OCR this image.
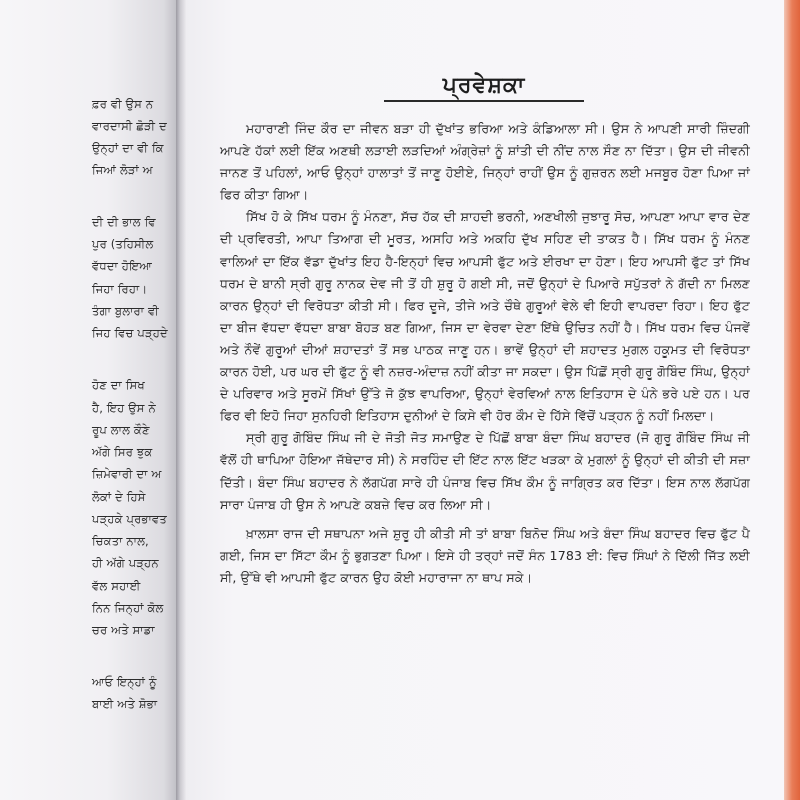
ਫ਼ਰ ਵੀ ਉਸ ਨ
ਵਾਰਦਾਸੀ ਛੋੜੀ ਦ
ਉਨ੍ਹਾਂ ਦਾ ਵੀ ਕਿ
ਜਿਆਂ ਲੋੜਾਂ ਅ
ਦੀ ਦੀ ਭਾਲ ਵਿ
ਪੁਰ (ਤਹਿਸੀਲ
ਵੱਧਦਾ ਹੋਇਆ
ਜਿਹਾ ਰਿਹਾ।
ਤੰਗਾ ਬੁਲਾਰਾ ਵੀ
ਜਿਹ ਵਿਚ ਪੜ੍ਹਦੇ
ਹੋਣ ਦਾ ਸਿਖ
ਹੈ, ਇਹ ਉਸ ਨੇ
ਰੂਪ ਲਾਲ ਕੌਣੇ
ਅੱਗੇ ਸਿਰ ਝੁਕ
ਜ਼ਿਮੇਵਾਰੀ ਦਾ ਅ
ਲੋਕਾਂ ਦੇ ਹਿਸੇ
ਪੜ੍ਹਕੇ ਪ੍ਰਭਾਵਤ
ਚਿਕਤਾ ਨਾਲ,
ਹੀ ਅੱਗੇ ਪੜ੍ਹਨ
ਵੱਲ ਸਹਾਈ
ਨਿਨ ਜਿਨ੍ਹਾਂ ਕੋਲ
ਚਰ ਅਤੇ ਸਾਡਾ
ਆਓ ਇਨ੍ਹਾਂ ਨੂੰ
ਬਾਈ ਅਤੇ ਸ਼ੋਭਾ
ਪ੍ਰਵੇਸ਼ਕਾ

ਮਹਾਰਾਣੀ ਜਿੰਦ ਕੌਰ ਦਾ ਜੀਵਨ ਬੜਾ ਹੀ ਦੁੱਖਾਂਤ ਭਰਿਆ ਅਤੇ ਕੰਡਿਆਲਾ ਸੀ। ਉਸ ਨੇ ਆਪਣੀ ਸਾਰੀ ਜ਼ਿੰਦਗੀ ਆਪਣੇ ਹੱਕਾਂ ਲਈ ਇੱਕ ਅਣਥੀ ਲੜਾਈ ਲੜਦਿਆਂ ਅੰਗ੍ਰੇਜ਼ਾਂ ਨੂੰ ਸ਼ਾਂਤੀ ਦੀ ਨੀਂਦ ਨਾਲ ਸੌਣ ਨਾ ਦਿੱਤਾ। ਉਸ ਦੀ ਜੀਵਨੀ ਜਾਨਣ ਤੋਂ ਪਹਿਲਾਂ, ਆਓ ਉਨ੍ਹਾਂ ਹਾਲਾਤਾਂ ਤੋਂ ਜਾਣੂ ਹੋਈਏ, ਜਿਨ੍ਹਾਂ ਰਾਹੀਂ ਉਸ ਨੂੰ ਗੁਜ਼ਰਨ ਲਈ ਮਜਬੂਰ ਹੋਣਾ ਪਿਆ ਜਾਂ ਫਿਰ ਕੀਤਾ ਗਿਆ।

ਸਿੱਖ ਹੋ ਕੇ ਸਿੱਖ ਧਰਮ ਨੂੰ ਮੰਨਣਾ, ਸੱਚ ਹੱਕ ਦੀ ਸ਼ਾਹਦੀ ਭਰਨੀ, ਅਣਖੀਲੀ ਜੁਝਾਰੂ ਸੋਚ, ਆਪਣਾ ਆਪਾ ਵਾਰ ਦੇਣ ਦੀ ਪ੍ਰਵਿਰਤੀ, ਆਪਾ ਤਿਆਗ ਦੀ ਮੂਰਤ, ਅਸਹਿ ਅਤੇ ਅਕਹਿ ਦੁੱਖ ਸਹਿਣ ਦੀ ਤਾਕਤ ਹੈ। ਸਿੱਖ ਧਰਮ ਨੂੰ ਮੰਨਣ ਵਾਲਿਆਂ ਦਾ ਇੱਕ ਵੱਡਾ ਦੁੱਖਾਂਤ ਇਹ ਹੈ-ਇਨ੍ਹਾਂ ਵਿਚ ਆਪਸੀ ਫੁੱਟ ਅਤੇ ਈਰਖਾ ਦਾ ਹੋਣਾ। ਇਹ ਆਪਸੀ ਫੁੱਟ ਤਾਂ ਸਿੱਖ ਧਰਮ ਦੇ ਬਾਨੀ ਸ੍ਰੀ ਗੁਰੂ ਨਾਨਕ ਦੇਵ ਜੀ ਤੋਂ ਹੀ ਸ਼ੁਰੂ ਹੋ ਗਈ ਸੀ, ਜਦੋਂ ਉਨ੍ਹਾਂ ਦੇ ਪਿਆਰੇ ਸਪੁੱਤਰਾਂ ਨੇ ਗੱਦੀ ਨਾ ਮਿਲਣ ਕਾਰਨ ਉਨ੍ਹਾਂ ਦੀ ਵਿਰੋਧਤਾ ਕੀਤੀ ਸੀ। ਫਿਰ ਦੂਜੇ, ਤੀਜੇ ਅਤੇ ਚੌਥੇ ਗੁਰੂਆਂ ਵੇਲੇ ਵੀ ਇਹੀ ਵਾਪਰਦਾ ਰਿਹਾ। ਇਹ ਫੁੱਟ ਦਾ ਬੀਜ ਵੱਧਦਾ ਵੱਧਦਾ ਬਾਬਾ ਬੋਹੜ ਬਣ ਗਿਆ, ਜਿਸ ਦਾ ਵੇਰਵਾ ਦੇਣਾ ਇੱਥੇ ਉਚਿਤ ਨਹੀਂ ਹੈ। ਸਿੱਖ ਧਰਮ ਵਿਚ ਪੰਜਵੇਂ ਅਤੇ ਨੌਵੇਂ ਗੁਰੂਆਂ ਦੀਆਂ ਸ਼ਹਾਦਤਾਂ ਤੋਂ ਸਭ ਪਾਠਕ ਜਾਣੂ ਹਨ। ਭਾਵੇਂ ਉਨ੍ਹਾਂ ਦੀ ਸ਼ਹਾਦਤ ਮੁਗਲ ਹਕੂਮਤ ਦੀ ਵਿਰੋਧਤਾ ਕਾਰਨ ਹੋਈ, ਪਰ ਘਰ ਦੀ ਫੁੱਟ ਨੂੰ ਵੀ ਨਜ਼ਰ-ਅੰਦਾਜ਼ ਨਹੀਂ ਕੀਤਾ ਜਾ ਸਕਦਾ। ਉਸ ਪਿੱਛੋਂ ਸ੍ਰੀ ਗੁਰੂ ਗੋਬਿੰਦ ਸਿੰਘ, ਉਨ੍ਹਾਂ ਦੇ ਪਰਿਵਾਰ ਅਤੇ ਸੂਰਮੇਂ ਸਿੱਖਾਂ ਉੱਤੇ ਜੋ ਕੁੱਝ ਵਾਪਰਿਆ, ਉਨ੍ਹਾਂ ਵੇਰਵਿਆਂ ਨਾਲ ਇਤਿਹਾਸ ਦੇ ਪੰਨੇ ਭਰੇ ਪਏ ਹਨ। ਪਰ ਫਿਰ ਵੀ ਇਹੋ ਜਿਹਾ ਸੁਨਹਿਰੀ ਇਤਿਹਾਸ ਦੁਨੀਆਂ ਦੇ ਕਿਸੇ ਵੀ ਹੋਰ ਕੌਮ ਦੇ ਹਿੱਸੇ ਵਿੱਚੋਂ ਪੜ੍ਹਨ ਨੂੰ ਨਹੀਂ ਮਿਲਦਾ।

ਸ੍ਰੀ ਗੁਰੂ ਗੋਬਿੰਦ ਸਿੰਘ ਜੀ ਦੇ ਜੋਤੀ ਜੋਤ ਸਮਾਉਣ ਦੇ ਪਿੱਛੋਂ ਬਾਬਾ ਬੰਦਾ ਸਿੰਘ ਬਹਾਦਰ (ਜੋ ਗੁਰੂ ਗੋਬਿੰਦ ਸਿੰਘ ਜੀ ਵੱਲੋਂ ਹੀ ਥਾਪਿਆ ਹੋਇਆ ਜੱਥੇਦਾਰ ਸੀ) ਨੇ ਸਰਹਿੰਦ ਦੀ ਇੱਟ ਨਾਲ ਇੱਟ ਖੜਕਾ ਕੇ ਮੁਗਲਾਂ ਨੂੰ ਉਨ੍ਹਾਂ ਦੀ ਕੀਤੀ ਦੀ ਸਜ਼ਾ ਦਿੱਤੀ। ਬੰਦਾ ਸਿੰਘ ਬਹਾਦਰ ਨੇ ਲੱਗਪੱਗ ਸਾਰੇ ਹੀ ਪੰਜਾਬ ਵਿਚ ਸਿੱਖ ਕੌਮ ਨੂੰ ਜਾਗ੍ਰਿਤ ਕਰ ਦਿੱਤਾ। ਇਸ ਨਾਲ ਲੱਗਪੱਗ ਸਾਰਾ ਪੰਜਾਬ ਹੀ ਉਸ ਨੇ ਆਪਣੇ ਕਬਜ਼ੇ ਵਿਚ ਕਰ ਲਿਆ ਸੀ।

ਖ਼ਾਲਸਾ ਰਾਜ ਦੀ ਸਥਾਪਨਾ ਅਜੇ ਸ਼ੁਰੂ ਹੀ ਕੀਤੀ ਸੀ ਤਾਂ ਬਾਬਾ ਬਿਨੋਦ ਸਿੰਘ ਅਤੇ ਬੰਦਾ ਸਿੰਘ ਬਹਾਦਰ ਵਿਚ ਫੁੱਟ ਪੈ ਗਈ, ਜਿਸ ਦਾ ਸਿੱਟਾ ਕੌਮ ਨੂੰ ਭੁਗਤਣਾ ਪਿਆ। ਇਸੇ ਹੀ ਤਰ੍ਹਾਂ ਜਦੋਂ ਸੰਨ 1783 ਈ: ਵਿਚ ਸਿੰਘਾਂ ਨੇ ਦਿੱਲੀ ਜਿੱਤ ਲਈ ਸੀ, ਉੱਥੇ ਵੀ ਆਪਸੀ ਫੁੱਟ ਕਾਰਨ ਉਹ ਕੋਈ ਮਹਾਰਾਜਾ ਨਾ ਥਾਪ ਸਕੇ।
